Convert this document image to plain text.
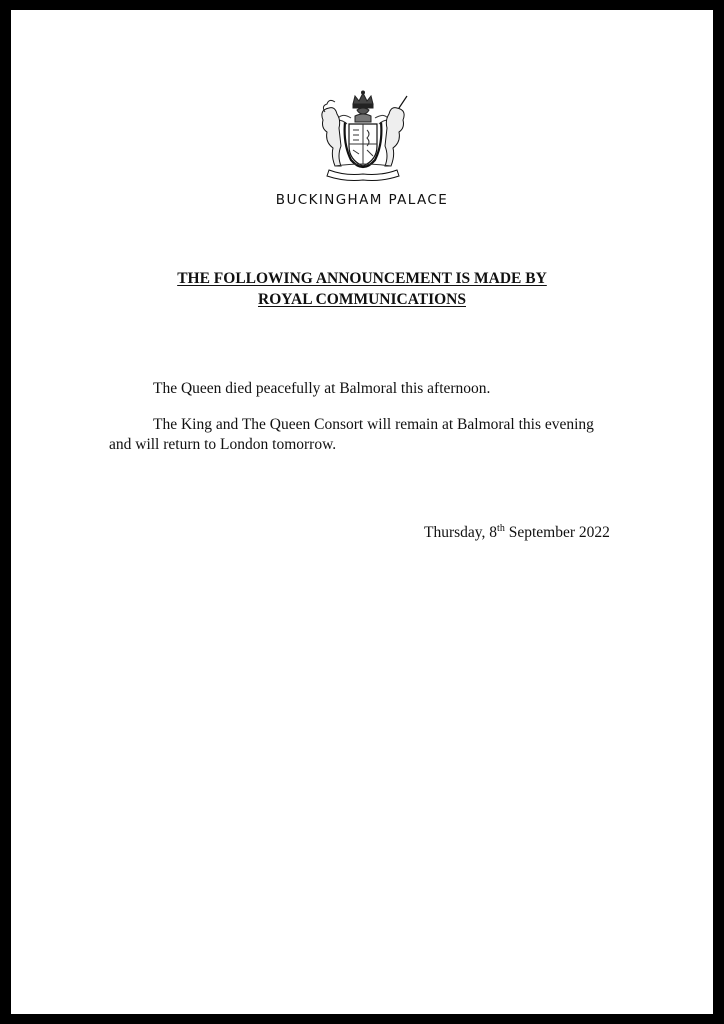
BUCKINGHAM PALACE
THE FOLLOWING ANNOUNCEMENT IS MADE BY
ROYAL COMMUNICATIONS
The Queen died peacefully at Balmoral this afternoon.
The King and The Queen Consort will remain at Balmoral this evening
and will return to London tomorrow.
Thursday, 8th September 2022
